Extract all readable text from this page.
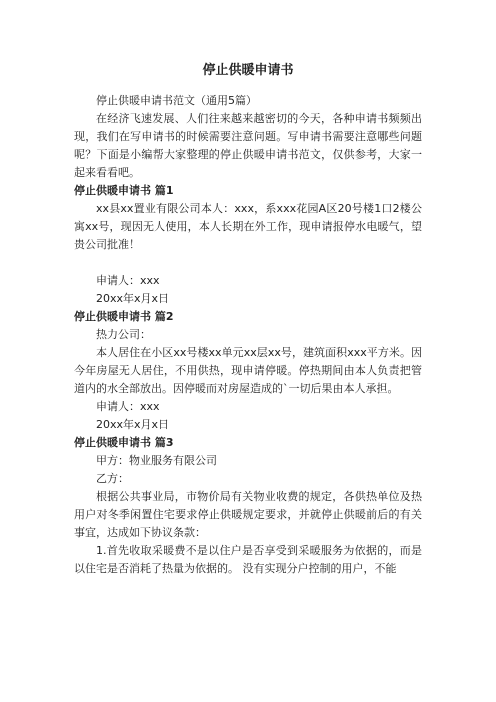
停止供暖申请书

停止供暖申请书范文（通用5篇）

在经济飞速发展、人们往来越来越密切的今天，各种申请书频频出现，我们在写申请书的时候需要注意问题。写申请书需要注意哪些问题呢？下面是小编帮大家整理的停止供暖申请书范文，仅供参考，大家一起来看看吧。

停止供暖申请书 篇1

xx县xx置业有限公司本人：xxx，系xxx花园A区20号楼1口2楼公寓xx号，现因无人使用，本人长期在外工作，现申请报停水电暖气，望贵公司批准！

申请人：xxx

20xx年x月x日

停止供暖申请书 篇2

热力公司：

本人居住在小区xx号楼xx单元xx层xx号，建筑面积xxx平方米。因今年房屋无人居住，不用供热，现申请停暖。停热期间由本人负责把管道内的水全部放出。因停暖而对房屋造成的`一切后果由本人承担。

申请人：xxx

20xx年x月x日

停止供暖申请书 篇3

甲方：物业服务有限公司

乙方：

根据公共事业局，市物价局有关物业收费的规定，各供热单位及热用户对冬季闲置住宅要求停止供暖规定要求，并就停止供暖前后的有关事宜，达成如下协议条款：

1.首先收取采暖费不是以住户是否享受到采暖服务为依据的，而是以住宅是否消耗了热量为依据的。 没有实现分户控制的用户，不能
